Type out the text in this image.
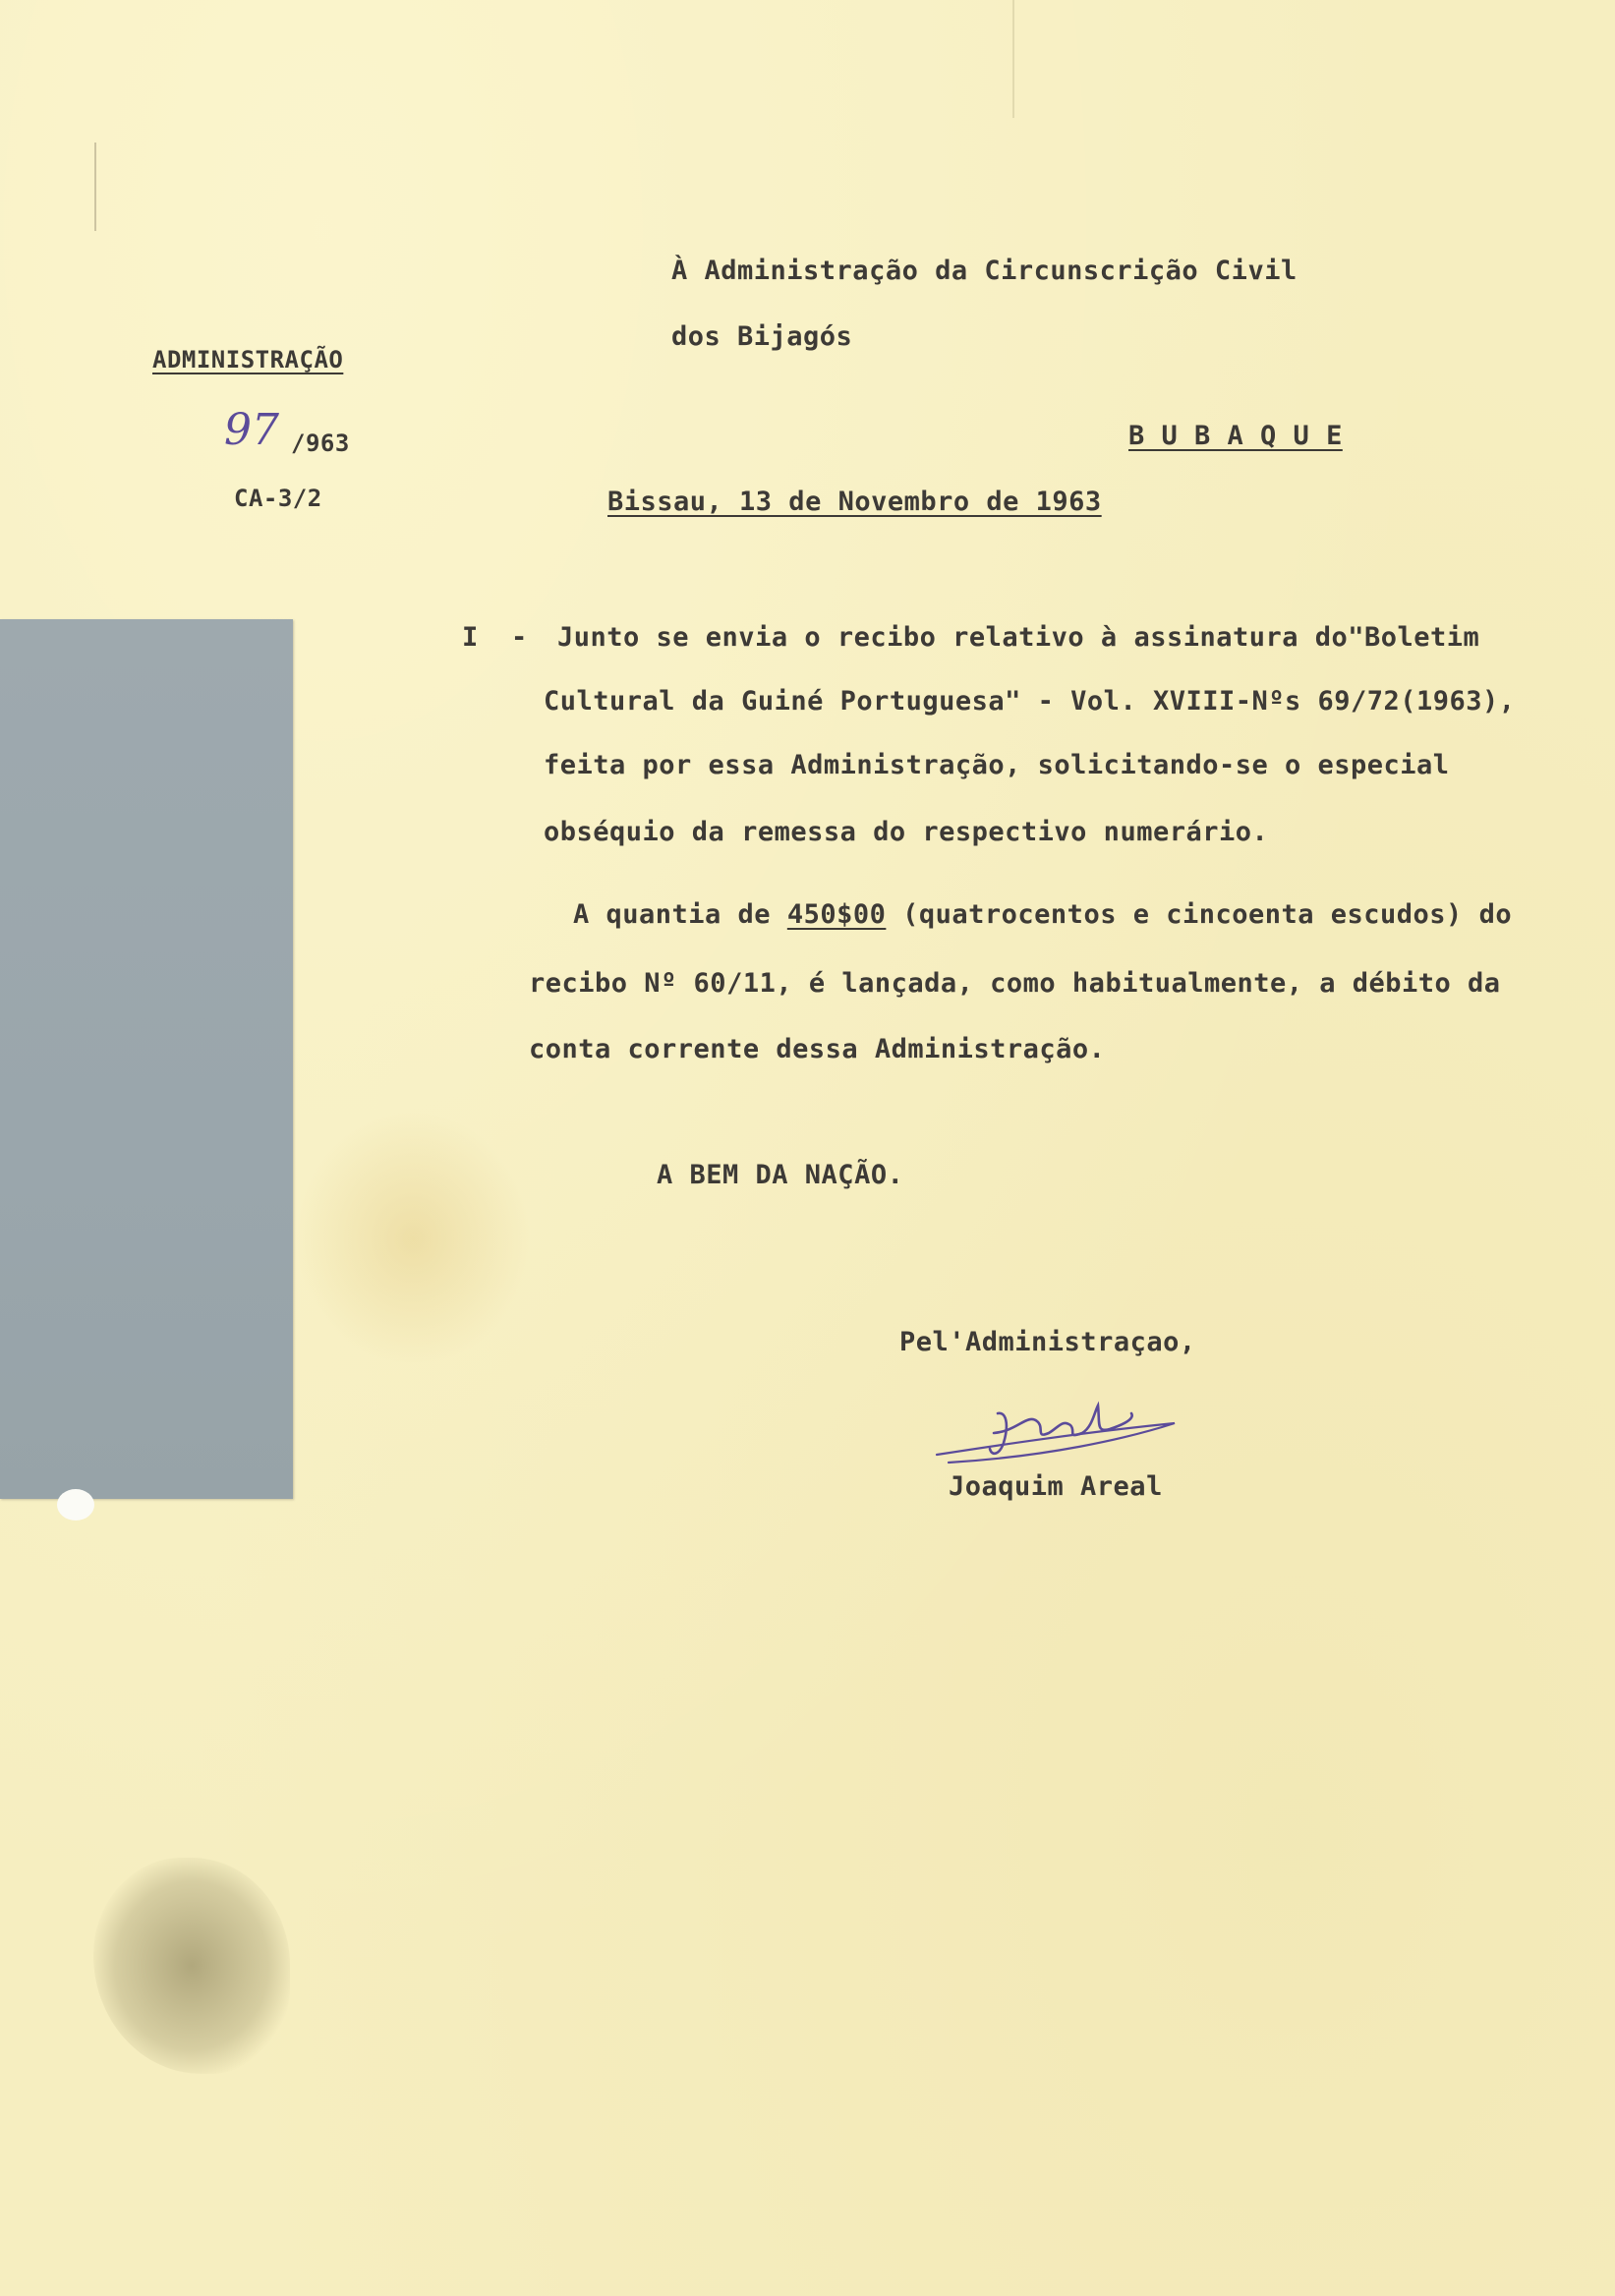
ADMINISTRAÇÃO
97 /963
CA-3/2
À Administração da Circunscrição Civil
dos Bijagós
B U B A Q U E
Bissau, 13 de Novembro de 1963
I - Junto se envia o recibo relativo à assinatura do"Boletim
Cultural da Guiné Portuguesa" - Vol. XVIII-Nºs 69/72(1963),
feita por essa Administração, solicitando-se o especial
obséquio da remessa do respectivo numerário.
A quantia de 450$00 (quatrocentos e cincoenta escudos) do
recibo Nº 60/11, é lançada, como habitualmente, a débito da
conta corrente dessa Administração.
A BEM DA NAÇÃO.
Pel'Administraçao,
Joaquim Areal
